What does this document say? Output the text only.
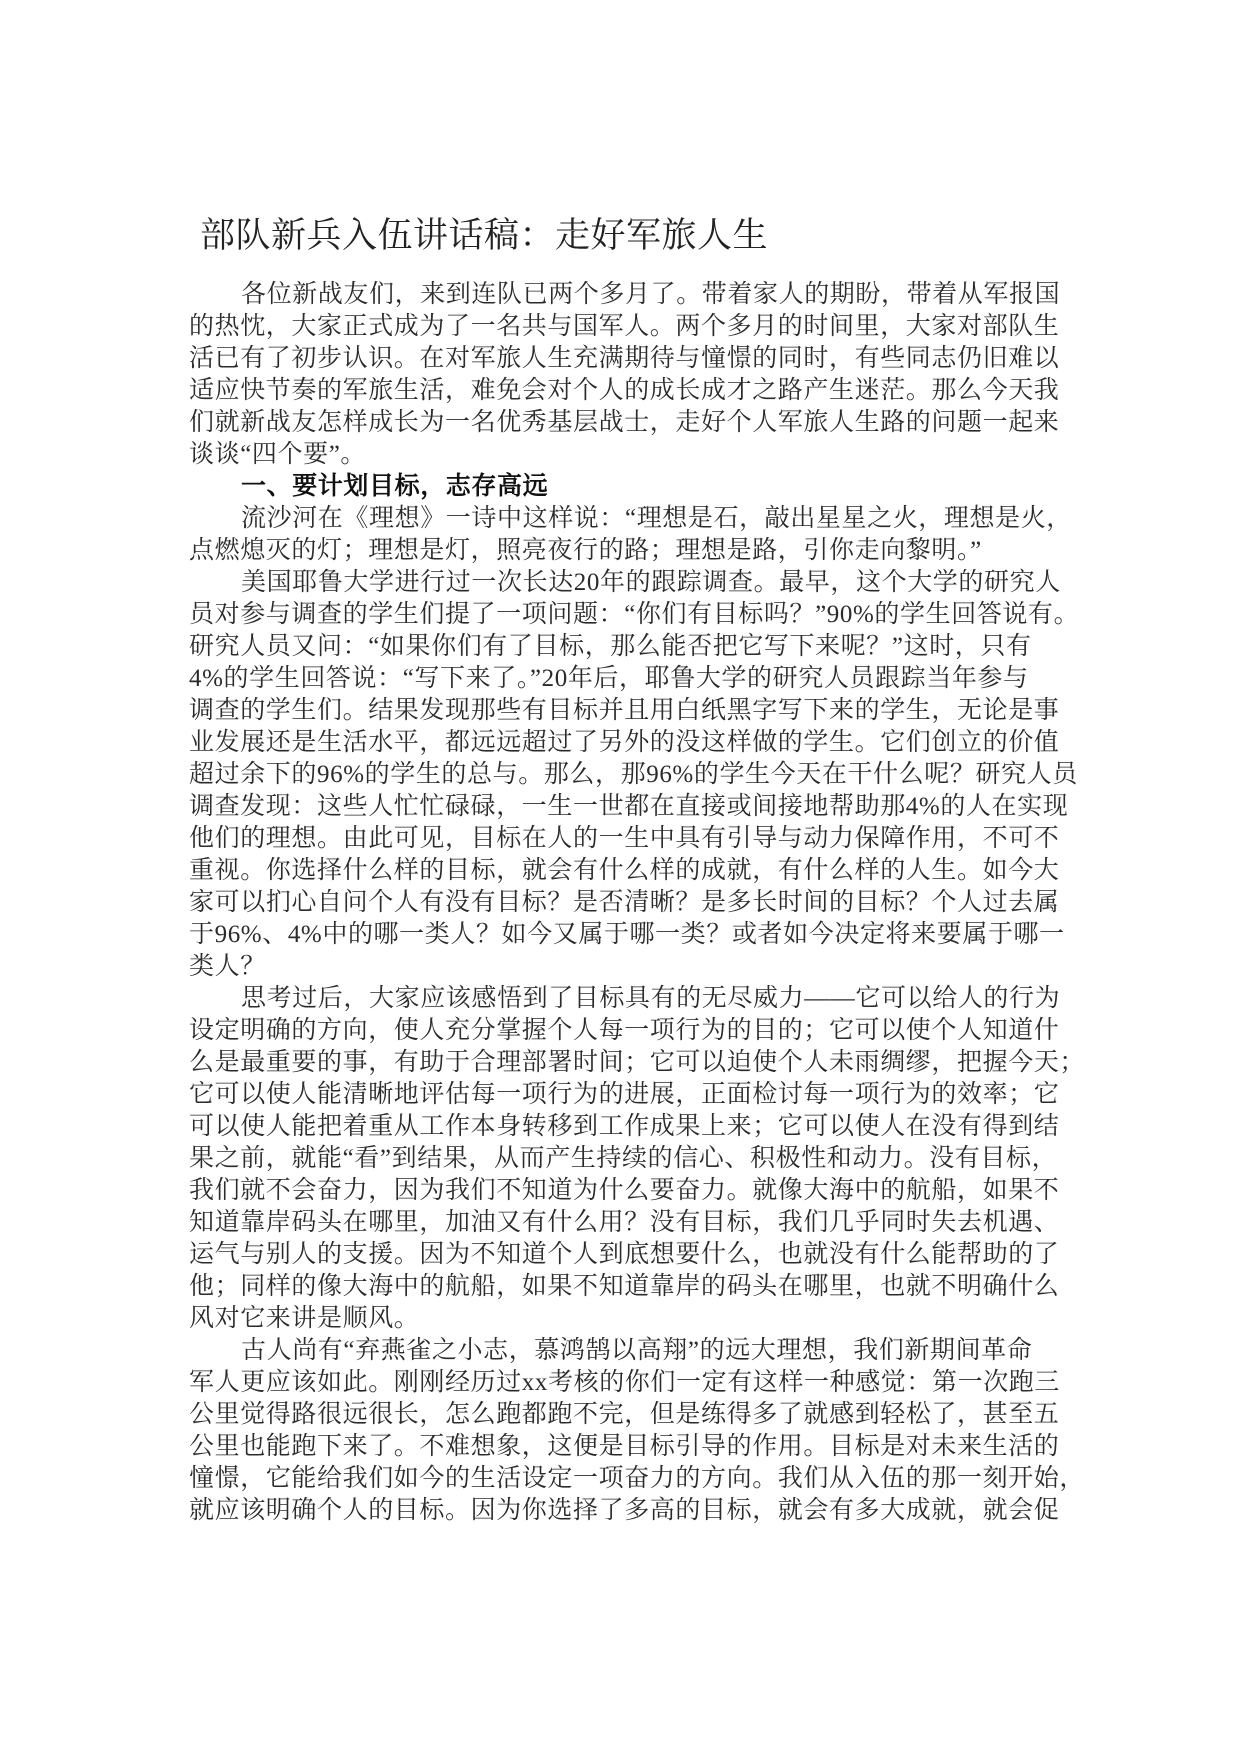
部队新兵入伍讲话稿：走好军旅人生
各位新战友们，来到连队已两个多月了。带着家人的期盼，带着从军报国
的热忱，大家正式成为了一名共与国军人。两个多月的时间里，大家对部队生
活已有了初步认识。在对军旅人生充满期待与憧憬的同时，有些同志仍旧难以
适应快节奏的军旅生活，难免会对个人的成长成才之路产生迷茫。那么今天我
们就新战友怎样成长为一名优秀基层战士，走好个人军旅人生路的问题一起来
谈谈“四个要”。
一、要计划目标，志存高远
流沙河在《理想》一诗中这样说：“理想是石，敲出星星之火，理想是火，
点燃熄灭的灯；理想是灯，照亮夜行的路；理想是路，引你走向黎明。”
美国耶鲁大学进行过一次长达20年的跟踪调查。最早，这个大学的研究人
员对参与调查的学生们提了一项问题：“你们有目标吗？”90%的学生回答说有。
研究人员又问：“如果你们有了目标，那么能否把它写下来呢？”这时，只有
4%的学生回答说：“写下来了。”20年后，耶鲁大学的研究人员跟踪当年参与
调查的学生们。结果发现那些有目标并且用白纸黑字写下来的学生，无论是事
业发展还是生活水平，都远远超过了另外的没这样做的学生。它们创立的价值
超过余下的96%的学生的总与。那么，那96%的学生今天在干什么呢？研究人员
调查发现：这些人忙忙碌碌，一生一世都在直接或间接地帮助那4%的人在实现
他们的理想。由此可见，目标在人的一生中具有引导与动力保障作用，不可不
重视。你选择什么样的目标，就会有什么样的成就，有什么样的人生。如今大
家可以扪心自问个人有没有目标？是否清晰？是多长时间的目标？个人过去属
于96%、4%中的哪一类人？如今又属于哪一类？或者如今决定将来要属于哪一
类人？
思考过后，大家应该感悟到了目标具有的无尽威力——它可以给人的行为
设定明确的方向，使人充分掌握个人每一项行为的目的；它可以使个人知道什
么是最重要的事，有助于合理部署时间；它可以迫使个人未雨绸缪，把握今天；
它可以使人能清晰地评估每一项行为的进展，正面检讨每一项行为的效率；它
可以使人能把着重从工作本身转移到工作成果上来；它可以使人在没有得到结
果之前，就能“看”到结果，从而产生持续的信心、积极性和动力。没有目标，
我们就不会奋力，因为我们不知道为什么要奋力。就像大海中的航船，如果不
知道靠岸码头在哪里，加油又有什么用？没有目标，我们几乎同时失去机遇、
运气与别人的支援。因为不知道个人到底想要什么，也就没有什么能帮助的了
他；同样的像大海中的航船，如果不知道靠岸的码头在哪里，也就不明确什么
风对它来讲是顺风。
古人尚有“弃燕雀之小志，慕鸿鹄以高翔”的远大理想，我们新期间革命
军人更应该如此。刚刚经历过xx考核的你们一定有这样一种感觉：第一次跑三
公里觉得路很远很长，怎么跑都跑不完，但是练得多了就感到轻松了，甚至五
公里也能跑下来了。不难想象，这便是目标引导的作用。目标是对未来生活的
憧憬，它能给我们如今的生活设定一项奋力的方向。我们从入伍的那一刻开始，
就应该明确个人的目标。因为你选择了多高的目标，就会有多大成就，就会促
